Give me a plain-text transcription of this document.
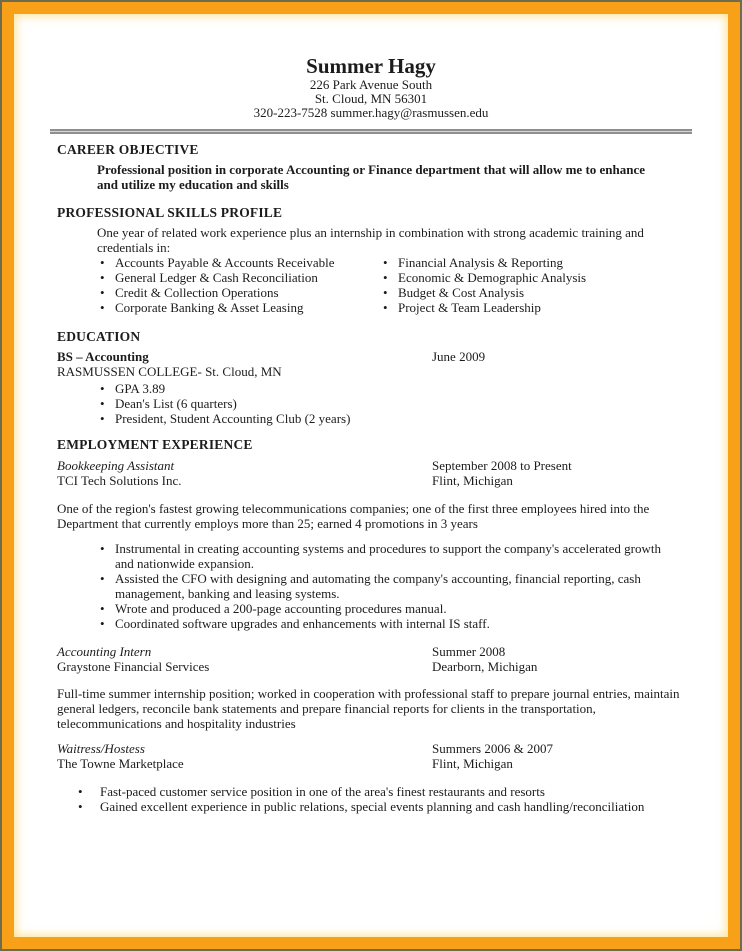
Summer Hagy
226 Park Avenue South
St. Cloud, MN 56301
320-223-7528 summer.hagy@rasmussen.edu
CAREER OBJECTIVE

Professional position in corporate Accounting or Finance department that will allow me to enhance and utilize my education and skills

PROFESSIONAL SKILLS PROFILE

One year of related work experience plus an internship in combination with strong academic training and credentials in:

• Accounts Payable & Accounts Receivable
• General Ledger & Cash Reconciliation
• Credit & Collection Operations
• Corporate Banking & Asset Leasing
• Financial Analysis & Reporting
• Economic & Demographic Analysis
• Budget & Cost Analysis
• Project & Team Leadership
EDUCATION
BS – Accounting	June 2009
RASMUSSEN COLLEGE- St. Cloud, MN
• GPA 3.89
• Dean's List (6 quarters)
• President, Student Accounting Club (2 years)
EMPLOYMENT EXPERIENCE
Bookkeeping Assistant	September 2008 to Present
TCI Tech Solutions Inc.	Flint, Michigan

One of the region's fastest growing telecommunications companies; one of the first three employees hired into the Department that currently employs more than 25; earned 4 promotions in 3 years

• Instrumental in creating accounting systems and procedures to support the company's accelerated growth and nationwide expansion.
• Assisted the CFO with designing and automating the company's accounting, financial reporting, cash management, banking and leasing systems.
• Wrote and produced a 200-page accounting procedures manual.
• Coordinated software upgrades and enhancements with internal IS staff.
Accounting Intern	Summer 2008
Graystone Financial Services	Dearborn, Michigan

Full-time summer internship position; worked in cooperation with professional staff to prepare journal entries, maintain general ledgers, reconcile bank statements and prepare financial reports for clients in the transportation, telecommunications and hospitality industries

Waitress/Hostess	Summers 2006 & 2007
The Towne Marketplace	Flint, Michigan
• Fast-paced customer service position in one of the area's finest restaurants and resorts
• Gained excellent experience in public relations, special events planning and cash handling/reconciliation
